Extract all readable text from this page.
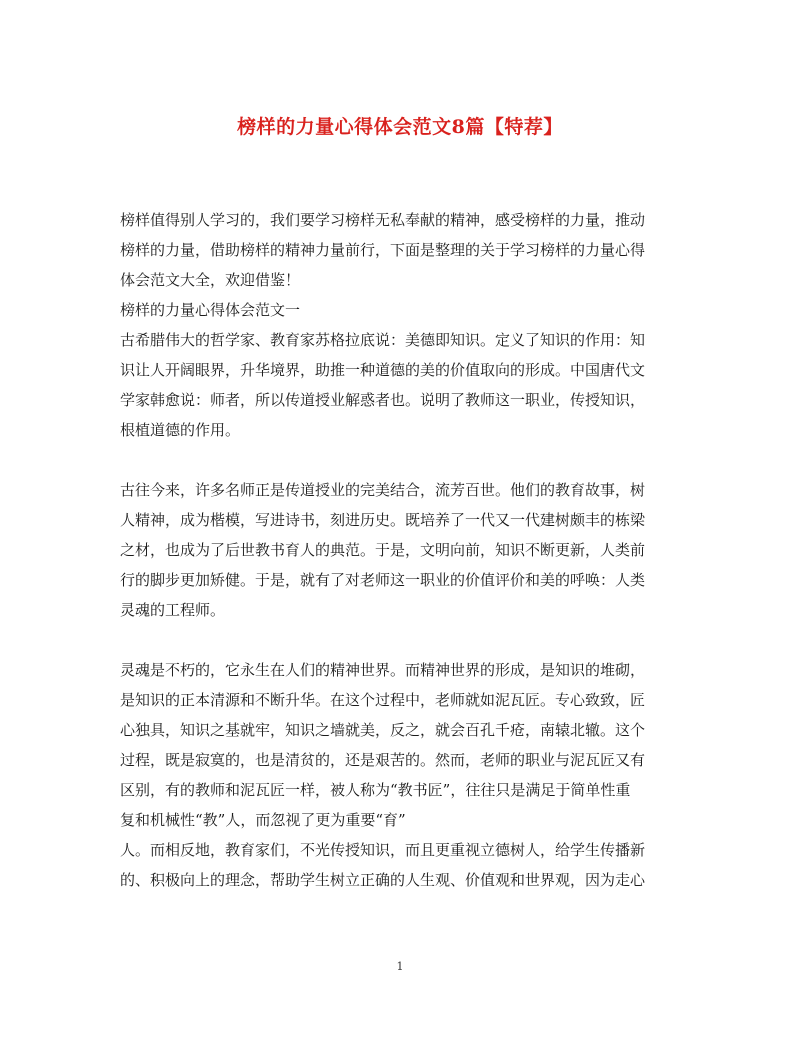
榜样的力量心得体会范文8篇【特荐】
榜样值得别人学习的，我们要学习榜样无私奉献的精神，感受榜样的力量，推动
榜样的力量，借助榜样的精神力量前行，下面是整理的关于学习榜样的力量心得
体会范文大全，欢迎借鉴！
榜样的力量心得体会范文一
古希腊伟大的哲学家、教育家苏格拉底说：美德即知识。定义了知识的作用：知
识让人开阔眼界，升华境界，助推一种道德的美的价值取向的形成。中国唐代文
学家韩愈说：师者，所以传道授业解惑者也。说明了教师这一职业，传授知识，
根植道德的作用。
古往今来，许多名师正是传道授业的完美结合，流芳百世。他们的教育故事，树
人精神，成为楷模，写进诗书，刻进历史。既培养了一代又一代建树颇丰的栋梁
之材，也成为了后世教书育人的典范。于是，文明向前，知识不断更新，人类前
行的脚步更加矫健。于是，就有了对老师这一职业的价值评价和美的呼唤：人类
灵魂的工程师。
灵魂是不朽的，它永生在人们的精神世界。而精神世界的形成，是知识的堆砌，
是知识的正本清源和不断升华。在这个过程中，老师就如泥瓦匠。专心致致，匠
心独具，知识之基就牢，知识之墙就美，反之，就会百孔千疮，南辕北辙。这个
过程，既是寂寞的，也是清贫的，还是艰苦的。然而，老师的职业与泥瓦匠又有
区别，有的教师和泥瓦匠一样，被人称为“教书匠”，往往只是满足于简单性重
复和机械性“教”人，而忽视了更为重要“育”
人。而相反地，教育家们，不光传授知识，而且更重视立德树人，给学生传播新
的、积极向上的理念，帮助学生树立正确的人生观、价值观和世界观，因为走心
1
